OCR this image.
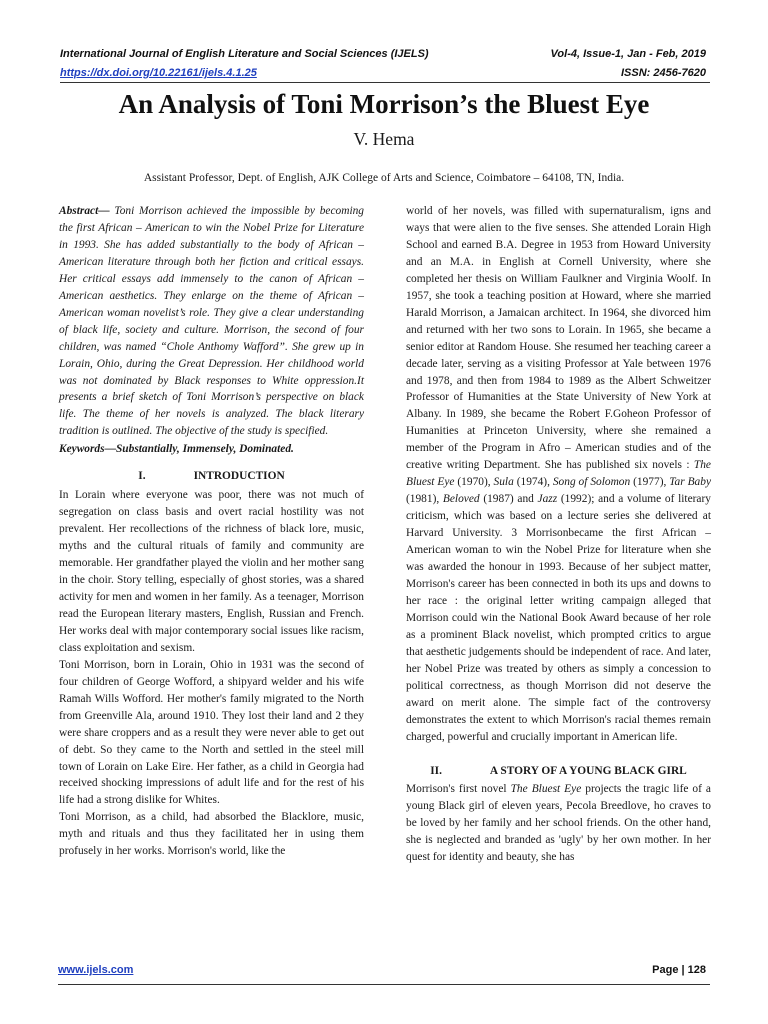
International Journal of English Literature and Social Sciences (IJELS)	Vol-4, Issue-1, Jan - Feb, 2019
https://dx.doi.org/10.22161/ijels.4.1.25	ISSN: 2456-7620
An Analysis of Toni Morrison’s the Bluest Eye
V. Hema
Assistant Professor, Dept. of English, AJK College of Arts and Science, Coimbatore – 64108, TN, India.
Abstract— Toni Morrison achieved the impossible by becoming the first African – American to win the Nobel Prize for Literature in 1993. She has added substantially to the body of African – American literature through both her fiction and critical essays. Her critical essays add immensely to the canon of African – American aesthetics. They enlarge on the theme of African – American woman novelist’s role. They give a clear understanding of black life, society and culture. Morrison, the second of four children, was named “Chole Anthomy Wafford”. She grew up in Lorain, Ohio, during the Great Depression. Her childhood world was not dominated by Black responses to White oppression.It presents a brief sketch of Toni Morrison’s perspective on black life. The theme of her novels is analyzed. The black literary tradition is outlined. The objective of the study is specified.
Keywords—Substantially, Immensely, Dominated.
I.	INTRODUCTION

In Lorain where everyone was poor, there was not much of segregation on class basis and overt racial hostility was not prevalent. Her recollections of the richness of black lore, music, myths and the cultural rituals of family and community are memorable. Her grandfather played the violin and her mother sang in the choir. Story telling, especially of ghost stories, was a shared activity for men and women in her family. As a teenager, Morrison read the European literary masters, English, Russian and French. Her works deal with major contemporary social issues like racism, class exploitation and sexism.

Toni Morrison, born in Lorain, Ohio in 1931 was the second of four children of George Wofford, a shipyard welder and his wife Ramah Wills Wofford. Her mother's family migrated to the North from Greenville Ala, around 1910. They lost their land and 2 they were share croppers and as a result they were never able to get out of debt. So they came to the North and settled in the steel mill town of Lorain on Lake Eire. Her father, as a child in Georgia had received shocking impressions of adult life and for the rest of his life had a strong dislike for Whites.

Toni Morrison, as a child, had absorbed the Blacklore, music, myth and rituals and thus they facilitated her in using them profusely in her works. Morrison's world, like the

world of her novels, was filled with supernaturalism, igns and ways that were alien to the five senses. She attended Lorain High School and earned B.A. Degree in 1953 from Howard University and an M.A. in English at Cornell University, where she completed her thesis on William Faulkner and Virginia Woolf. In 1957, she took a teaching position at Howard, where she married Harald Morrison, a Jamaican architect. In 1964, she divorced him and returned with her two sons to Lorain. In 1965, she became a senior editor at Random House. She resumed her teaching career a decade later, serving as a visiting Professor at Yale between 1976 and 1978, and then from 1984 to 1989 as the Albert Schweitzer Professor of Humanities at the State University of New York at Albany. In 1989, she became the Robert F.Goheon Professor of Humanities at Princeton University, where she remained a member of the Program in Afro – American studies and of the creative writing Department. She has published six novels : The Bluest Eye (1970), Sula (1974), Song of Solomon (1977), Tar Baby (1981), Beloved (1987) and Jazz (1992); and a volume of literary criticism, which was based on a lecture series she delivered at Harvard University. 3 Morrisonbecame the first African – American woman to win the Nobel Prize for literature when she was awarded the honour in 1993. Because of her subject matter, Morrison's career has been connected in both its ups and downs to her race : the original letter writing campaign alleged that Morrison could win the National Book Award because of her role as a prominent Black novelist, which prompted critics to argue that aesthetic judgements should be independent of race. And later, her Nobel Prize was treated by others as simply a concession to political correctness, as though Morrison did not deserve the award on merit alone. The simple fact of the controversy demonstrates the extent to which Morrison's racial themes remain charged, powerful and crucially important in American life.

II.	A STORY OF A YOUNG BLACK GIRL

Morrison's first novel The Bluest Eye projects the tragic life of a young Black girl of eleven years, Pecola Breedlove, ho craves to be loved by her family and her school friends. On the other hand, she is neglected and branded as 'ugly' by her own mother. In her quest for identity and beauty, she has

www.ijels.com	Page | 128
